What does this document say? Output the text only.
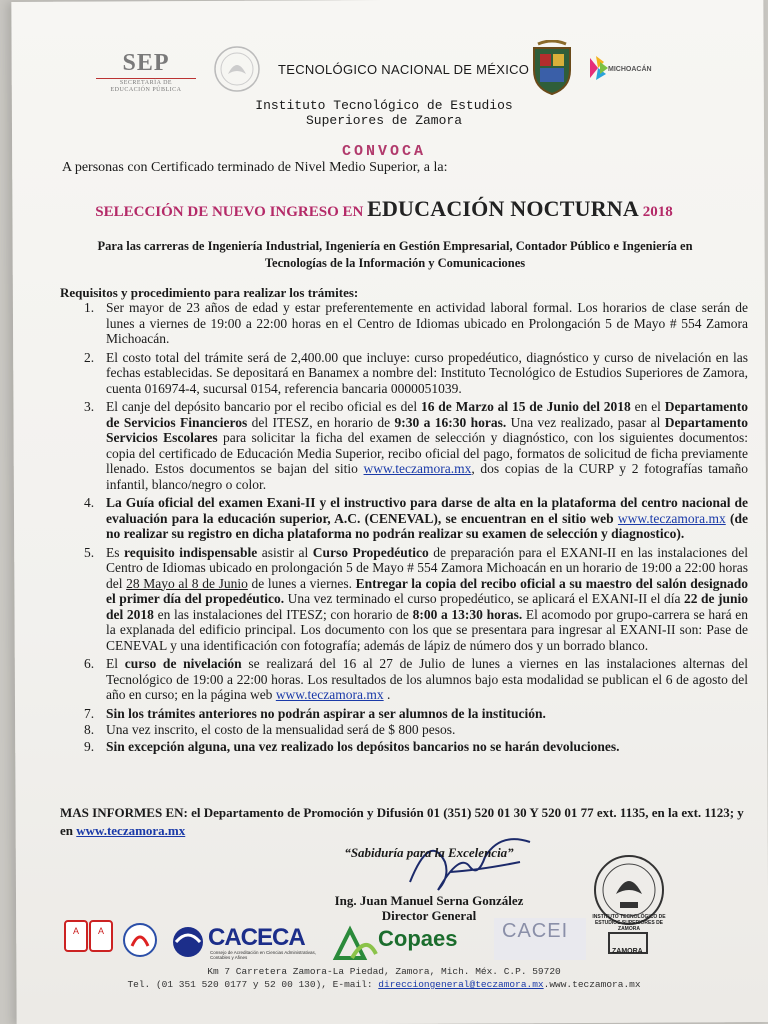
SEP
SECRETARÍA DE
EDUCACIÓN PÚBLICA
TECNOLÓGICO NACIONAL DE MÉXICO	MICHOACÁN
Instituto Tecnológico de Estudios
Superiores de Zamora
CONVOCA
A personas con Certificado terminado de Nivel Medio Superior, a la:
SELECCIÓN DE NUEVO INGRESO EN EDUCACIÓN NOCTURNA 2018
Para las carreras de Ingeniería Industrial, Ingeniería en Gestión Empresarial, Contador Público e Ingeniería en Tecnologías de la Información y Comunicaciones
Requisitos y procedimiento para realizar los trámites:
1. Ser mayor de 23 años de edad y estar preferentemente en actividad laboral formal. Los horarios de clase serán de lunes a viernes de 19:00 a 22:00 horas en el Centro de Idiomas ubicado en Prolongación 5 de Mayo # 554 Zamora Michoacán.
2. El costo total del trámite será de 2,400.00 que incluye: curso propedéutico, diagnóstico y curso de nivelación en las fechas establecidas. Se depositará en Banamex a nombre del: Instituto Tecnológico de Estudios Superiores de Zamora, cuenta 016974-4, sucursal 0154, referencia bancaria 0000051039.
3. El canje del depósito bancario por el recibo oficial es del 16 de Marzo al 15 de Junio del 2018 en el Departamento de Servicios Financieros del ITESZ, en horario de 9:30 a 16:30 horas. Una vez realizado, pasar al Departamento Servicios Escolares para solicitar la ficha del examen de selección y diagnóstico, con los siguientes documentos: copia del certificado de Educación Media Superior, recibo oficial del pago, formatos de solicitud de ficha previamente llenado. Estos documentos se bajan del sitio www.teczamora.mx, dos copias de la CURP y 2 fotografías tamaño infantil, blanco/negro o color.
4. La Guía oficial del examen Exani-II y el instructivo para darse de alta en la plataforma del centro nacional de evaluación para la educación superior, A.C. (CENEVAL), se encuentran en el sitio web www.teczamora.mx (de no realizar su registro en dicha plataforma no podrán realizar su examen de selección y diagnostico).
5. Es requisito indispensable asistir al Curso Propedéutico de preparación para el EXANI-II en las instalaciones del Centro de Idiomas ubicado en prolongación 5 de Mayo # 554 Zamora Michoacán en un horario de 19:00 a 22:00 horas del 28 Mayo al 8 de Junio de lunes a viernes. Entregar la copia del recibo oficial a su maestro del salón designado el primer día del propedéutico. Una vez terminado el curso propedéutico, se aplicará el EXANI-II el día 22 de junio del 2018 en las instalaciones del ITESZ; con horario de 8:00 a 13:30 horas. El acomodo por grupo-carrera se hará en la explanada del edificio principal. Los documento con los que se presentara para ingresar al EXANI-II son: Pase de CENEVAL y una identificación con fotografía; además de lápiz de número dos y un borrado blanco.
6. El curso de nivelación se realizará del 16 al 27 de Julio de lunes a viernes en las instalaciones alternas del Tecnológico de 19:00 a 22:00 horas. Los resultados de los alumnos bajo esta modalidad se publican el 6 de agosto del año en curso; en la página web www.teczamora.mx .
7. Sin los trámites anteriores no podrán aspirar a ser alumnos de la institución.
8. Una vez inscrito, el costo de la mensualidad será de $ 800 pesos.
9. Sin excepción alguna, una vez realizado los depósitos bancarios no se harán devoluciones.
MAS INFORMES EN: el Departamento de Promoción y Difusión 01 (351) 520 01 30 Y 520 01 77 ext. 1135, en la ext. 1123; y en www.teczamora.mx
“Sabiduría para la Excelencia”
Ing. Juan Manuel Serna González
Director General
A A	CACECA
Consejo de Acreditación en Ciencias Administrativas, Contables y Afines
Copaes CACEI
INSTITUTO TECNOLÓGICO DE ESTUDIOS SUPERIORES DE ZAMORA
ZAMORA
Km 7 Carretera Zamora-La Piedad, Zamora, Mich. Méx. C.P. 59720
Tel. (01 351 520 0177 y 52 00 130), E-mail: direcciongeneral@teczamora.mx.www.teczamora.mx
